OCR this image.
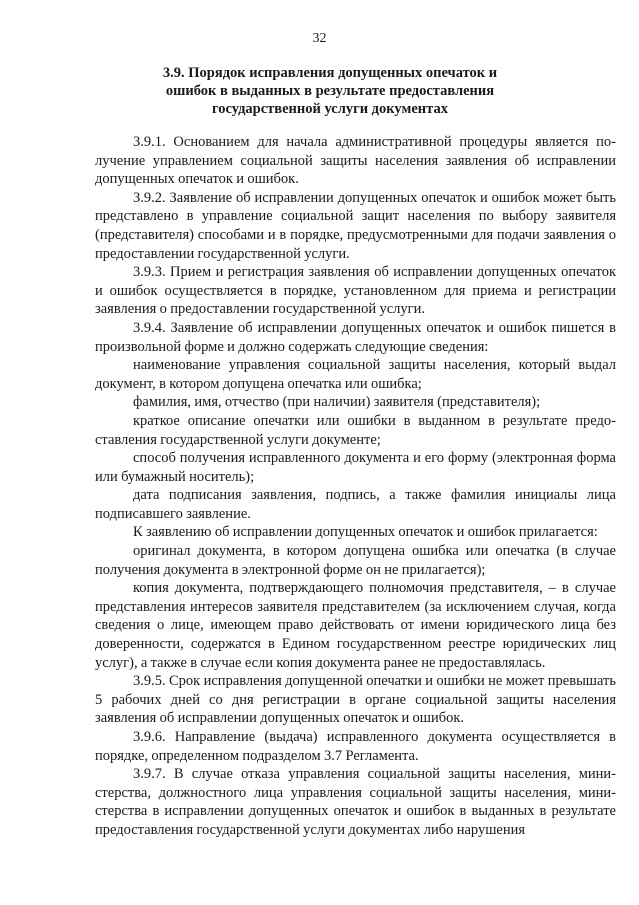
32
3.9. Порядок исправления допущенных опечаток и
ошибок в выданных в результате предоставления
государственной услуги документах

3.9.1. Основанием для начала административной процедуры является получение управлением социальной защиты населения заявления об исправлении допущенных опечаток и ошибок.

3.9.2. Заявление об исправлении допущенных опечаток и ошибок может быть представлено в управление социальной защит населения по выбору заявителя (представителя) способами и в порядке, предусмотренными для подачи заявления о предоставлении государственной услуги.

3.9.3. Прием и регистрация заявления об исправлении допущенных опечаток и ошибок осуществляется в порядке, установленном для приема и регистрации заявления о предоставлении государственной услуги.

3.9.4. Заявление об исправлении допущенных опечаток и ошибок пишется в произвольной форме и должно содержать следующие сведения:

наименование управления социальной защиты населения, который выдал документ, в котором допущена опечатка или ошибка;

фамилия, имя, отчество (при наличии) заявителя (представителя);

краткое описание опечатки или ошибки в выданном в результате предоставления государственной услуги документе;

способ получения исправленного документа и его форму (электронная форма или бумажный носитель);

дата подписания заявления, подпись, а также фамилия инициалы лица подписавшего заявление.

К заявлению об исправлении допущенных опечаток и ошибок прилагается:

оригинал документа, в котором допущена ошибка или опечатка (в случае получения документа в электронной форме он не прилагается);

копия документа, подтверждающего полномочия представителя, – в случае представления интересов заявителя представителем (за исключением случая, когда сведения о лице, имеющем право действовать от имени юридического лица без доверенности, содержатся в Едином государственном реестре юридических лиц услуг), а также в случае если копия документа ранее не предоставлялась.

3.9.5. Срок исправления допущенной опечатки и ошибки не может превышать 5 рабочих дней со дня регистрации в органе социальной защиты населения заявления об исправлении допущенных опечаток и ошибок.

3.9.6. Направление (выдача) исправленного документа осуществляется в порядке, определенном подразделом 3.7 Регламента.

3.9.7. В случае отказа управления социальной защиты населения, министерства, должностного лица управления социальной защиты населения, министерства в исправлении допущенных опечаток и ошибок в выданных в результате предоставления государственной услуги документах либо нарушения
